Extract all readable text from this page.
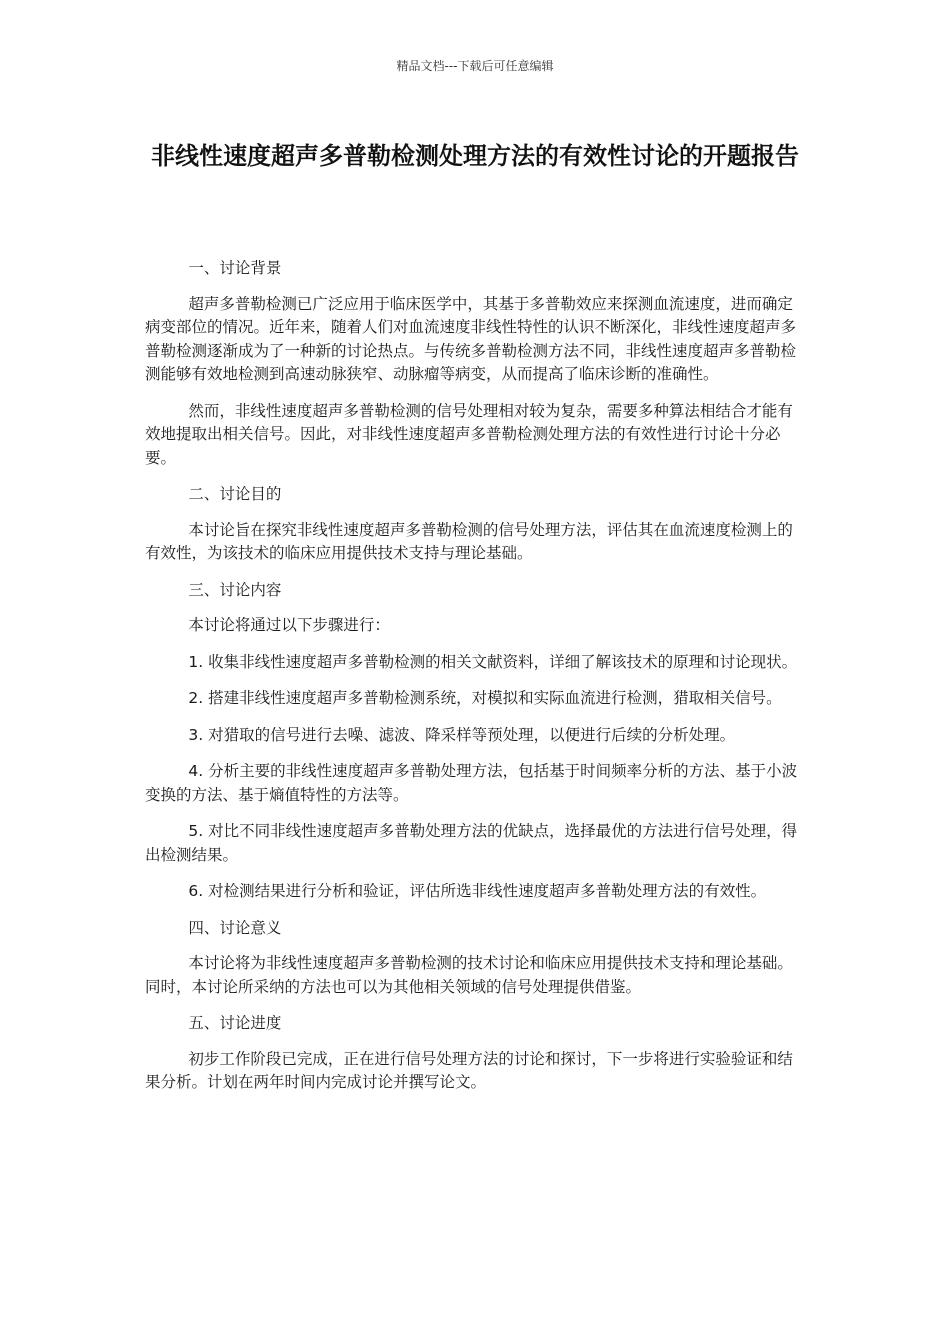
精品文档---下载后可任意编辑
非线性速度超声多普勒检测处理方法的有效性讨论的开题报告

一、讨论背景

超声多普勒检测已广泛应用于临床医学中，其基于多普勒效应来探测血流速度，进而确定病变部位的情况。近年来，随着人们对血流速度非线性特性的认识不断深化，非线性速度超声多普勒检测逐渐成为了一种新的讨论热点。与传统多普勒检测方法不同，非线性速度超声多普勒检测能够有效地检测到高速动脉狭窄、动脉瘤等病变，从而提高了临床诊断的准确性。

然而，非线性速度超声多普勒检测的信号处理相对较为复杂，需要多种算法相结合才能有效地提取出相关信号。因此，对非线性速度超声多普勒检测处理方法的有效性进行讨论十分必要。

二、讨论目的

本讨论旨在探究非线性速度超声多普勒检测的信号处理方法，评估其在血流速度检测上的有效性，为该技术的临床应用提供技术支持与理论基础。

三、讨论内容

本讨论将通过以下步骤进行：

1. 收集非线性速度超声多普勒检测的相关文献资料，详细了解该技术的原理和讨论现状。

2. 搭建非线性速度超声多普勒检测系统，对模拟和实际血流进行检测，猎取相关信号。

3. 对猎取的信号进行去噪、滤波、降采样等预处理，以便进行后续的分析处理。

4. 分析主要的非线性速度超声多普勒处理方法，包括基于时间频率分析的方法、基于小波变换的方法、基于熵值特性的方法等。

5. 对比不同非线性速度超声多普勒处理方法的优缺点，选择最优的方法进行信号处理，得出检测结果。

6. 对检测结果进行分析和验证，评估所选非线性速度超声多普勒处理方法的有效性。

四、讨论意义

本讨论将为非线性速度超声多普勒检测的技术讨论和临床应用提供技术支持和理论基础。同时，本讨论所采纳的方法也可以为其他相关领域的信号处理提供借鉴。

五、讨论进度

初步工作阶段已完成，正在进行信号处理方法的讨论和探讨，下一步将进行实验验证和结果分析。计划在两年时间内完成讨论并撰写论文。
